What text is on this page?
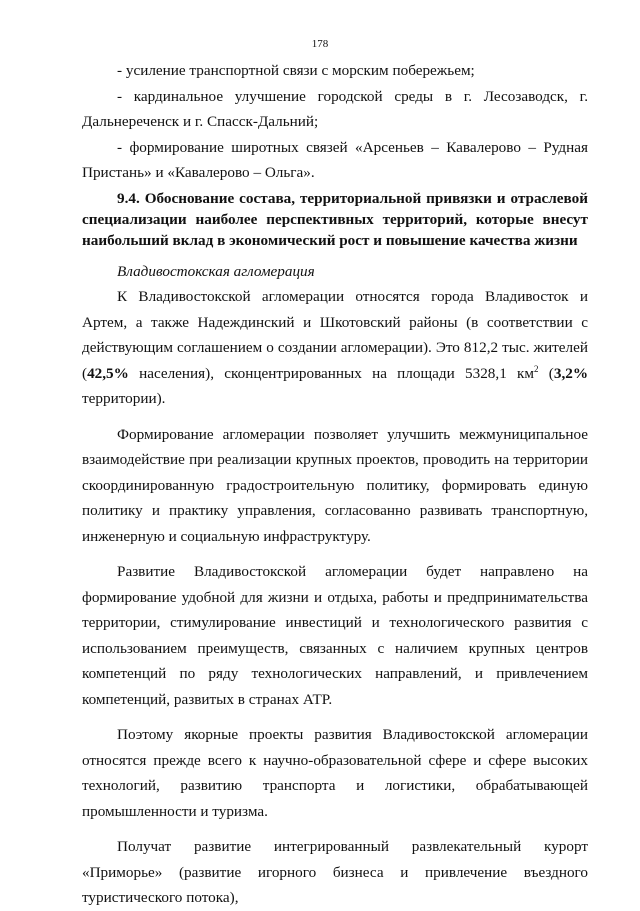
178

- усиление транспортной связи с морским побережьем;

- кардинальное улучшение городской среды в г. Лесозаводск, г. Дальнереченск и г. Спасск-Дальний;

- формирование широтных связей «Арсеньев – Кавалерово – Рудная Пристань» и «Кавалерово – Ольга».

9.4. Обоснование состава, территориальной привязки и отраслевой специализации наиболее перспективных территорий, которые внесут наибольший вклад в экономический рост и повышение качества жизни

Владивостокская агломерация

К Владивостокской агломерации относятся города Владивосток и Артем, а также Надеждинский и Шкотовский районы (в соответствии с действующим соглашением о создании агломерации). Это 812,2 тыс. жителей (42,5% населения), сконцентрированных на площади 5328,1 $км^2$ (3,2% территории).

Формирование агломерации позволяет улучшить межмуниципальное взаимодействие при реализации крупных проектов, проводить на территории скоординированную градостроительную политику, формировать единую политику и практику управления, согласованно развивать транспортную, инженерную и социальную инфраструктуру.

Развитие Владивостокской агломерации будет направлено на формирование удобной для жизни и отдыха, работы и предпринимательства территории, стимулирование инвестиций и технологического развития с использованием преимуществ, связанных с наличием крупных центров компетенций по ряду технологических направлений, и привлечением компетенций, развитых в странах АТР.

Поэтому якорные проекты развития Владивостокской агломерации относятся прежде всего к научно-образовательной сфере и сфере высоких технологий, развитию транспорта и логистики, обрабатывающей промышленности и туризма.

Получат развитие интегрированный развлекательный курорт «Приморье» (развитие игорного бизнеса и привлечение въездного туристического потока),
